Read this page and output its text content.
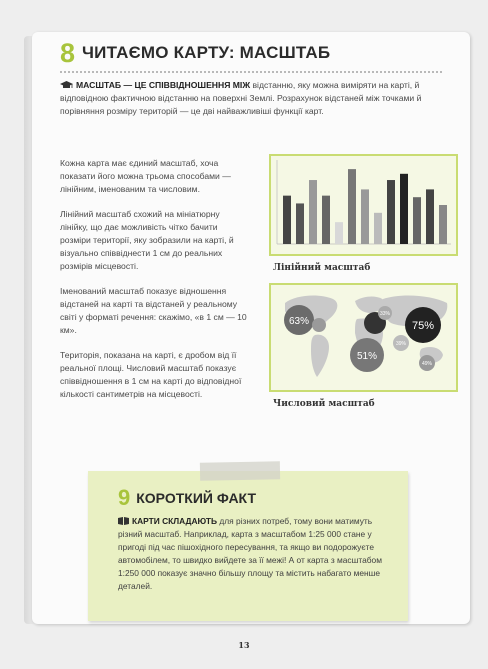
8 ЧИТАЄМО КАРТУ: МАСШТАБ
МАСШТАБ — ЦЕ СПІВВІДНОШЕННЯ МІЖ відстанню, яку можна виміряти на карті, й відповідною фактичною відстанню на поверхні Землі. Розрахунок відстаней між точками й порівняння розміру територій — це дві найважливіші функції карт.

Кожна карта має єдиний масштаб, хоча показати його можна трьома способами — лінійним, іменованим та числовим.

Лінійний масштаб схожий на мініатюрну лінійку, що дає можливість чітко бачити розміри території, яку зобразили на карті, й візуально співвіднести 1 см до реальних розмірів місцевості.

Іменований масштаб показує відношення відстаней на карті та відстаней у реальному світі у форматі речення: скажімо, «в 1 см — 10 км».

Територія, показана на карті, є дробом від її реальної площі. Числовий масштаб показує співвідношення в 1 см на карті до відповідної кількості сантиметрів на місцевості.

Лінійний масштаб
63%	75%
51%
33%
49%
39%
Числовий масштаб
9 КОРОТКИЙ ФАКТ
КАРТИ СКЛАДАЮТЬ для різних потреб, тому вони матимуть різний масштаб. Наприклад, карта з масштабом 1:25 000 стане у пригоді під час пішохідного пересування, та якщо ви подорожуєте автомобілем, то швидко вийдете за її межі! А от карта з масштабом 1:250 000 показує значно більшу площу та містить набагато менше деталей.
13
